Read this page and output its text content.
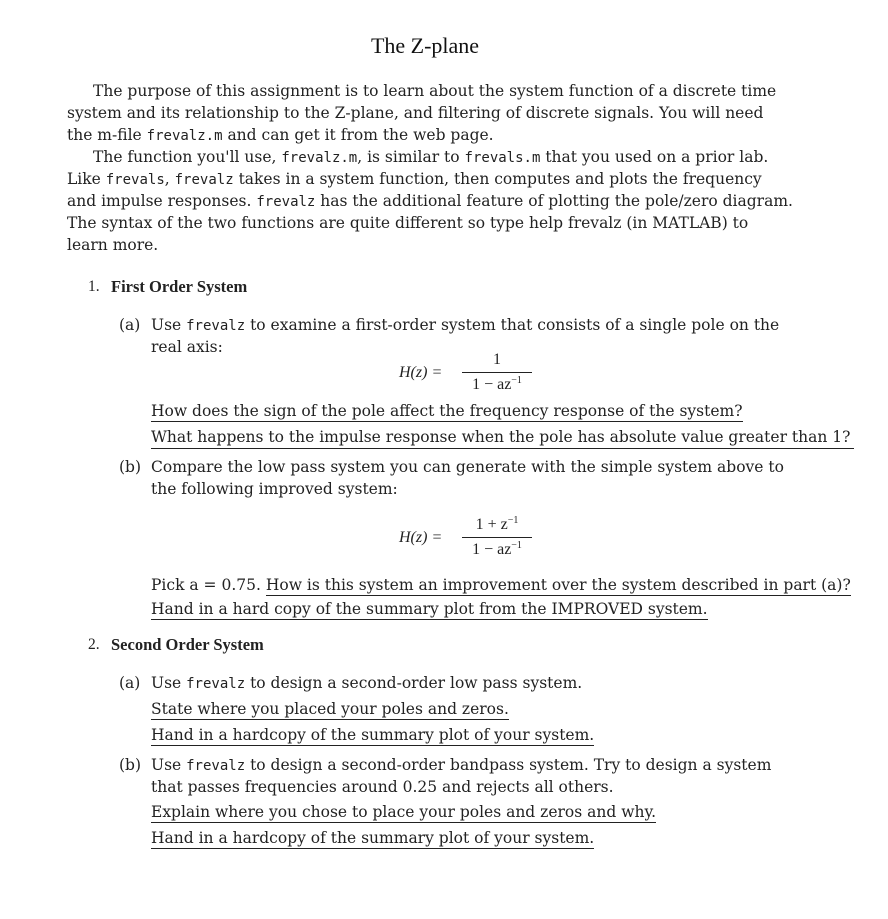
The Z-plane
The purpose of this assignment is to learn about the system function of a discrete time
system and its relationship to the Z-plane, and filtering of discrete signals. You will need
the m-file frevalz.m and can get it from the web page.
The function you'll use, frevalz.m, is similar to frevals.m that you used on a prior lab.
Like frevals, frevalz takes in a system function, then computes and plots the frequency
and impulse responses. frevalz has the additional feature of plotting the pole/zero diagram.
The syntax of the two functions are quite different so type help frevalz (in MATLAB) to
learn more.
1. First Order System
(a) Use frevalz to examine a first-order system that consists of a single pole on the
real axis:
H(z) =
1
$1 - az^{-1}$
How does the sign of the pole affect the frequency response of the system?
What happens to the impulse response when the pole has absolute value greater than 1?
(b) Compare the low pass system you can generate with the simple system above to
the following improved system:
H(z) =
$1 + z^{-1}$
$1 - az^{-1}$
Pick a = 0.75. How is this system an improvement over the system described in part (a)?
Hand in a hard copy of the summary plot from the IMPROVED system.
2. Second Order System
(a) Use frevalz to design a second-order low pass system.
State where you placed your poles and zeros.
Hand in a hardcopy of the summary plot of your system.
(b) Use frevalz to design a second-order bandpass system. Try to design a system
that passes frequencies around 0.25 and rejects all others.
Explain where you chose to place your poles and zeros and why.
Hand in a hardcopy of the summary plot of your system.
